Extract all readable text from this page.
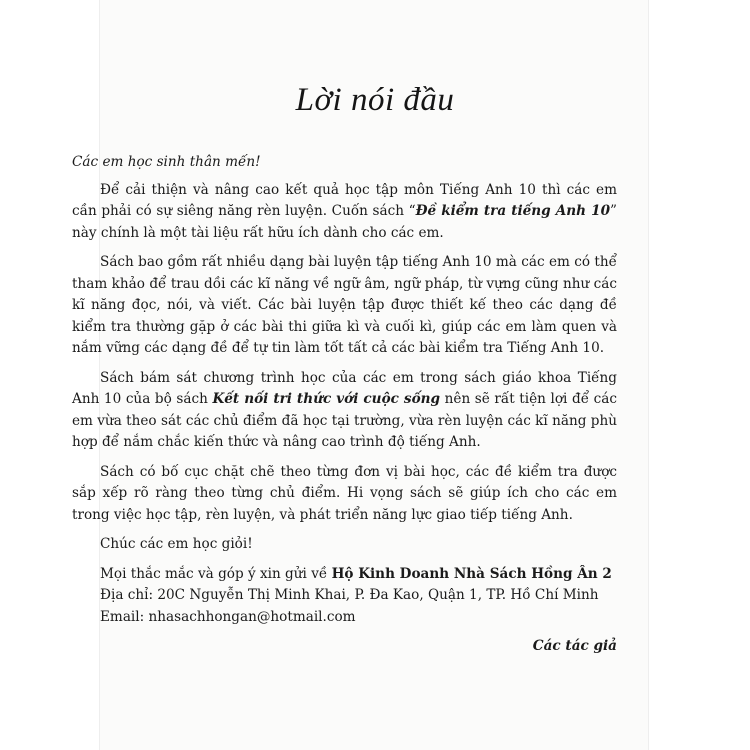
Lời nói đầu

Các em học sinh thân mến!

Để cải thiện và nâng cao kết quả học tập môn Tiếng Anh 10 thì các em cần phải có sự siêng năng rèn luyện. Cuốn sách “Đề kiểm tra tiếng Anh 10” này chính là một tài liệu rất hữu ích dành cho các em.

Sách bao gồm rất nhiều dạng bài luyện tập tiếng Anh 10 mà các em có thể tham khảo để trau dồi các kĩ năng về ngữ âm, ngữ pháp, từ vựng cũng như các kĩ năng đọc, nói, và viết. Các bài luyện tập được thiết kế theo các dạng đề kiểm tra thường gặp ở các bài thi giữa kì và cuối kì, giúp các em làm quen và nắm vững các dạng đề để tự tin làm tốt tất cả các bài kiểm tra Tiếng Anh 10.

Sách bám sát chương trình học của các em trong sách giáo khoa Tiếng Anh 10 của bộ sách Kết nối tri thức với cuộc sống nên sẽ rất tiện lợi để các em vừa theo sát các chủ điểm đã học tại trường, vừa rèn luyện các kĩ năng phù hợp để nắm chắc kiến thức và nâng cao trình độ tiếng Anh.

Sách có bố cục chặt chẽ theo từng đơn vị bài học, các đề kiểm tra được sắp xếp rõ ràng theo từng chủ điểm. Hi vọng sách sẽ giúp ích cho các em trong việc học tập, rèn luyện, và phát triển năng lực giao tiếp tiếng Anh.

Chúc các em học giỏi!

Mọi thắc mắc và góp ý xin gửi về Hộ Kinh Doanh Nhà Sách Hồng Ân 2
Địa chỉ: 20C Nguyễn Thị Minh Khai, P. Đa Kao, Quận 1, TP. Hồ Chí Minh
Email: nhasachhongan@hotmail.com

Các tác giả
